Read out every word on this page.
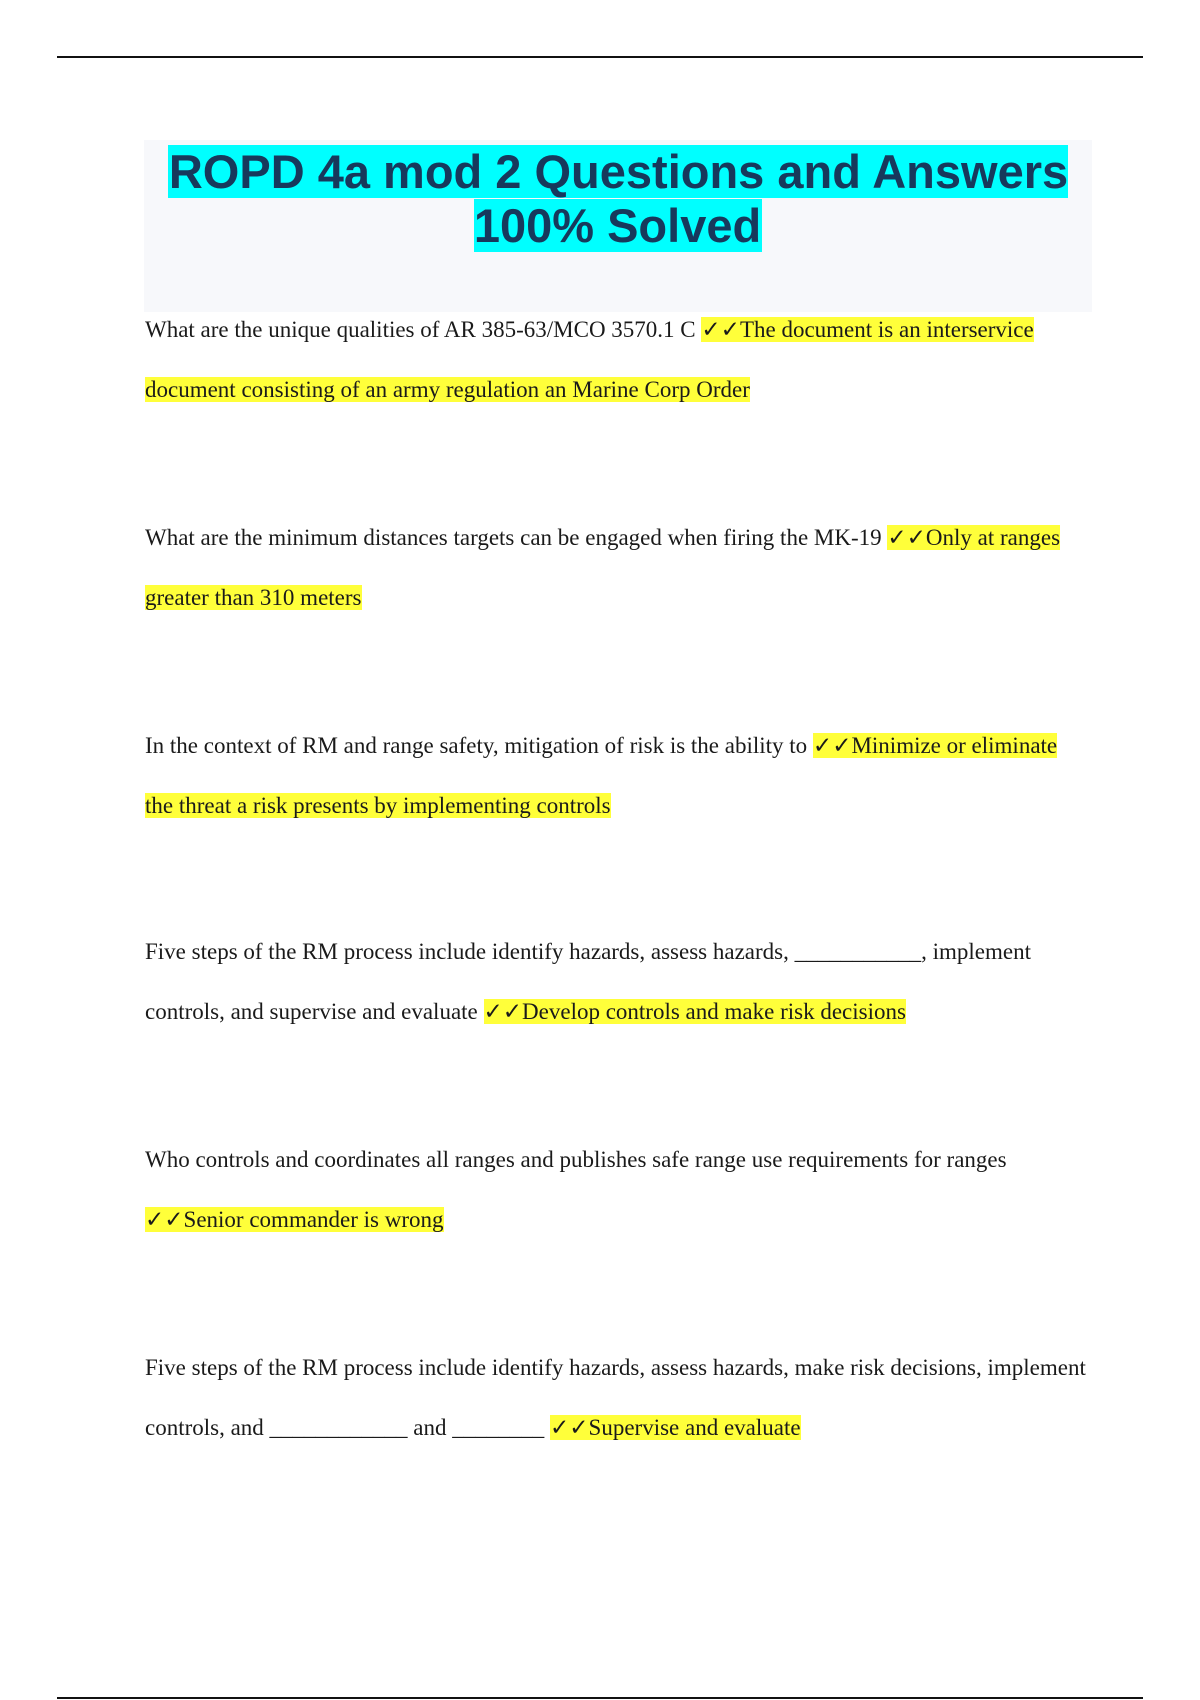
ROPD 4a mod 2 Questions and Answers 100% Solved

What are the unique qualities of AR 385-63/MCO 3570.1 C ✓✓The document is an interservice document consisting of an army regulation an Marine Corp Order

What are the minimum distances targets can be engaged when firing the MK-19 ✓✓Only at ranges greater than 310 meters

In the context of RM and range safety, mitigation of risk is the ability to ✓✓Minimize or eliminate the threat a risk presents by implementing controls

Five steps of the RM process include identify hazards, assess hazards, ___________, implement controls, and supervise and evaluate ✓✓Develop controls and make risk decisions

Who controls and coordinates all ranges and publishes safe range use requirements for ranges ✓✓Senior commander is wrong

Five steps of the RM process include identify hazards, assess hazards, make risk decisions, implement controls, and ____________ and ________ ✓✓Supervise and evaluate
